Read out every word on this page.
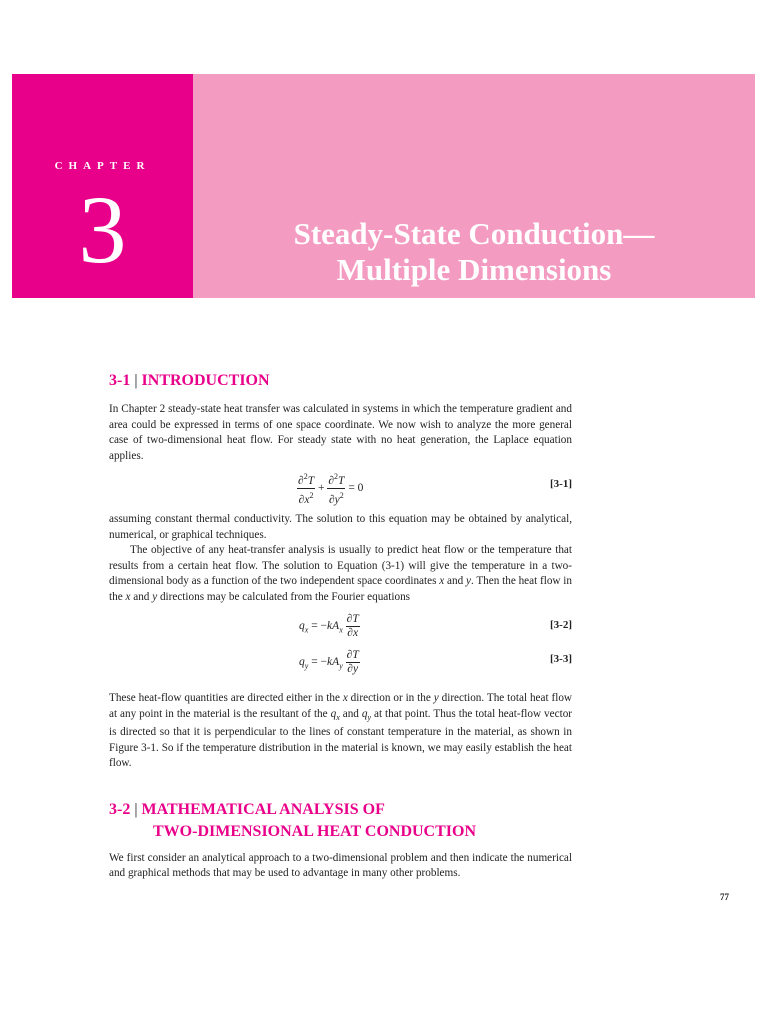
CHAPTER
3	Steady-State Conduction—
Multiple Dimensions
3-1 | INTRODUCTION

In Chapter 2 steady-state heat transfer was calculated in systems in which the temperature gradient and area could be expressed in terms of one space coordinate. We now wish to analyze the more general case of two-dimensional heat flow. For steady state with no heat generation, the Laplace equation applies.

$\frac{\partial^2T}{\partial x^2} + \frac{\partial^2T}{\partial y^2} = 0$	[3-1]

assuming constant thermal conductivity. The solution to this equation may be obtained by analytical, numerical, or graphical techniques.

The objective of any heat-transfer analysis is usually to predict heat flow or the temperature that results from a certain heat flow. The solution to Equation (3-1) will give the temperature in a two-dimensional body as a function of the two independent space coordinates x and y. Then the heat flow in the x and y directions may be calculated from the Fourier equations

$q_x = -kA_x \frac{\partial T}{\partial x}$	[3-2]
$q_y = -kA_y \frac{\partial T}{\partial y}$	[3-3]

These heat-flow quantities are directed either in the x direction or in the y direction. The total heat flow at any point in the material is the resultant of the $q_x$ and $q_y$ at that point. Thus the total heat-flow vector is directed so that it is perpendicular to the lines of constant temperature in the material, as shown in Figure 3-1. So if the temperature distribution in the material is known, we may easily establish the heat flow.

3-2 | MATHEMATICAL ANALYSIS OF
TWO-DIMENSIONAL HEAT CONDUCTION

We first consider an analytical approach to a two-dimensional problem and then indicate the numerical and graphical methods that may be used to advantage in many other problems.

77
